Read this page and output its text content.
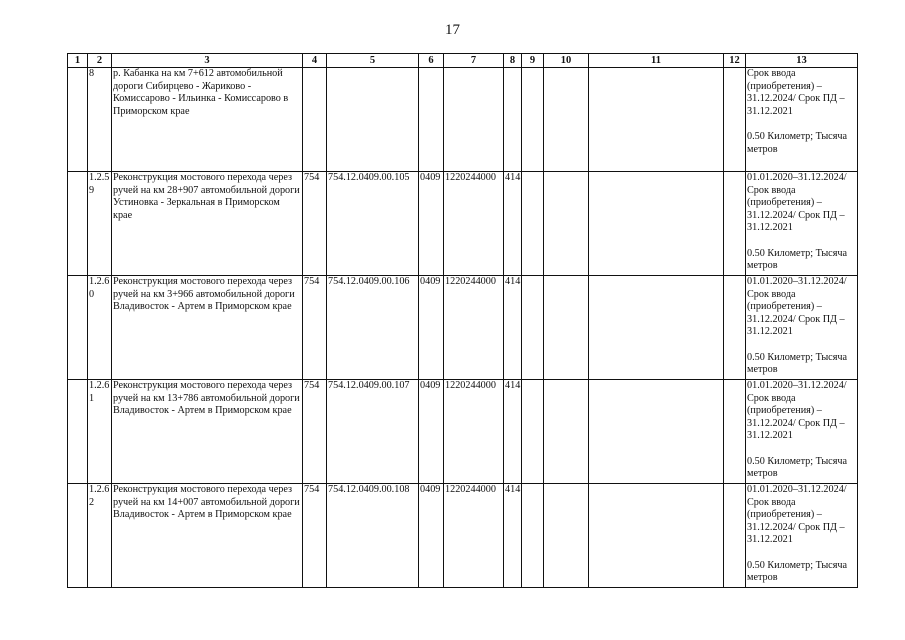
17
1	2	3	4	5	6	7	8	9	10	11	12	13
	8	р. Кабанка на км 7+612 автомобильной дороги Сибирцево - Жариково - Комиссарово - Ильинка - Комиссарово в Приморском крае										Срок ввода (приобретения) – 31.12.2024/ Срок ПД – 31.12.2021
0.50 Километр; Тысяча метров
	1.2.59	Реконструкция мостового перехода через ручей на км 28+907 автомобильной дороги Устиновка - Зеркальная в Приморском крае	754	754.12.0409.00.105	0409	1220244000	414					01.01.2020–31.12.2024/ Срок ввода (приобретения) – 31.12.2024/ Срок ПД – 31.12.2021
0.50 Километр; Тысяча метров
	1.2.60	Реконструкция мостового перехода через ручей на км 3+966 автомобильной дороги Владивосток - Артем в Приморском крае	754	754.12.0409.00.106	0409	1220244000	414					01.01.2020–31.12.2024/ Срок ввода (приобретения) – 31.12.2024/ Срок ПД – 31.12.2021
0.50 Километр; Тысяча метров
	1.2.61	Реконструкция мостового перехода через ручей на км 13+786 автомобильной дороги Владивосток - Артем в Приморском крае	754	754.12.0409.00.107	0409	1220244000	414					01.01.2020–31.12.2024/ Срок ввода (приобретения) – 31.12.2024/ Срок ПД – 31.12.2021
0.50 Километр; Тысяча метров
	1.2.62	Реконструкция мостового перехода через ручей на км 14+007 автомобильной дороги Владивосток - Артем в Приморском крае	754	754.12.0409.00.108	0409	1220244000	414					01.01.2020–31.12.2024/ Срок ввода (приобретения) – 31.12.2024/ Срок ПД – 31.12.2021
0.50 Километр; Тысяча метров
